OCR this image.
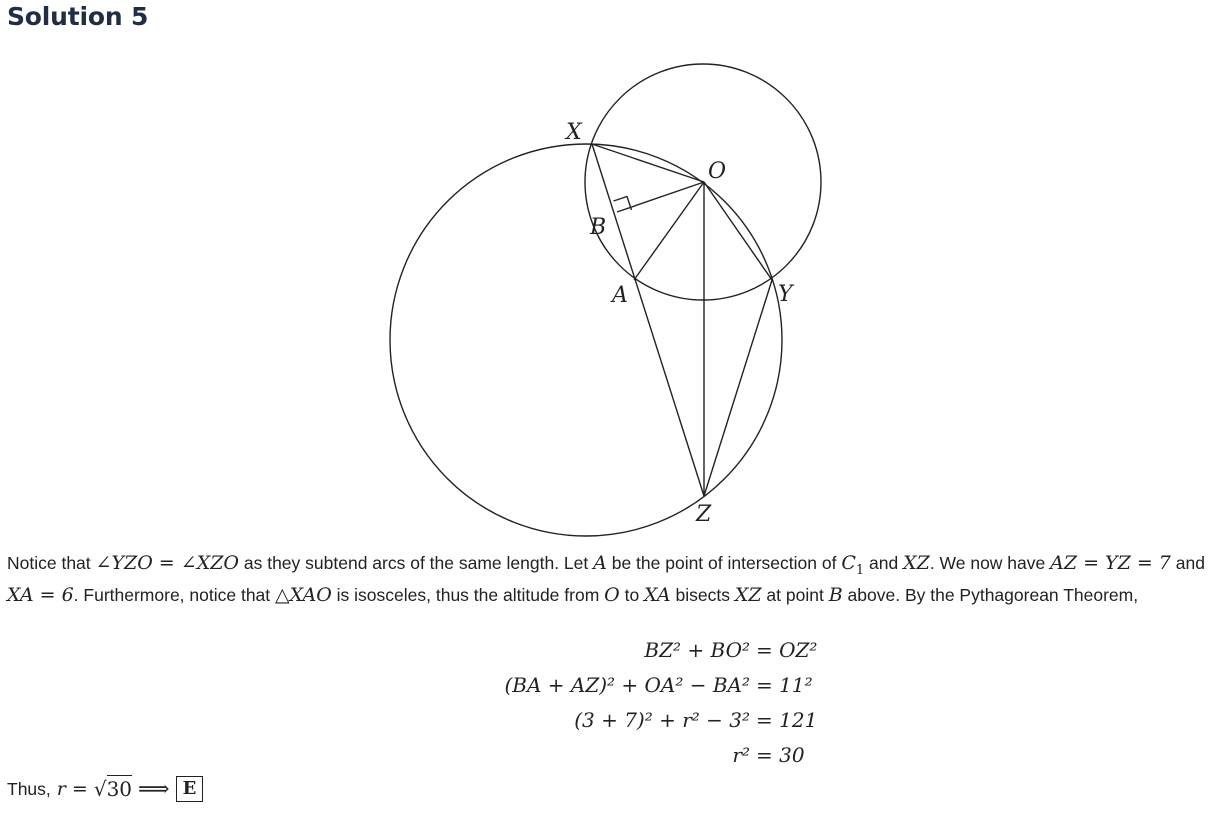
Solution 5
X
O
B
A	Y
Z

Notice that ∠YZO = ∠XZO as they subtend arcs of the same length. Let A be the point of intersection of $C_1$ and XZ. We now have AZ = YZ = 7 and XA = 6. Furthermore, notice that △XAO is isosceles, thus the altitude from O to XA bisects XZ at point B above. By the Pythagorean Theorem,

BZ² + BO² = OZ²
(BA + AZ)² + OA² − BA² = 11²
(3 + 7)² + r² − 3² = 121
r² = 30
Thus, r = √30 ⟹ E
